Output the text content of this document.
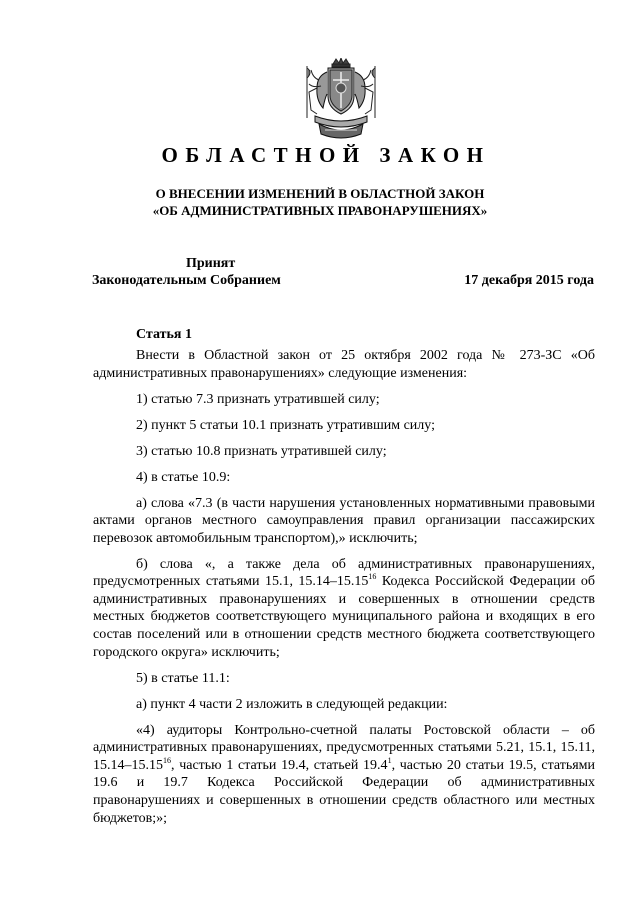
ОБЛАСТНОЙ ЗАКОН
О ВНЕСЕНИИ ИЗМЕНЕНИЙ В ОБЛАСТНОЙ ЗАКОН
«ОБ АДМИНИСТРАТИВНЫХ ПРАВОНАРУШЕНИЯХ»
Принят
Законодательным Собранием	17 декабря 2015 года
Статья 1

Внести в Областной закон от 25 октября 2002 года № 273-ЗС «Об административных правонарушениях» следующие изменения:

1) статью 7.3 признать утратившей силу;

2) пункт 5 статьи 10.1 признать утратившим силу;

3) статью 10.8 признать утратившей силу;

4) в статье 10.9:

а) слова «7.3 (в части нарушения установленных нормативными правовыми актами органов местного самоуправления правил организации пассажирских перевозок автомобильным транспортом),» исключить;

б) слова «, а также дела об административных правонарушениях, предусмотренных статьями 15.1, 15.14–15.15$^{16}$ Кодекса Российской Федерации об административных правонарушениях и совершенных в отношении средств местных бюджетов соответствующего муниципального района и входящих в его состав поселений или в отношении средств местного бюджета соответствующего городского округа» исключить;

5) в статье 11.1:

а) пункт 4 части 2 изложить в следующей редакции:

«4) аудиторы Контрольно-счетной палаты Ростовской области – об административных правонарушениях, предусмотренных статьями 5.21, 15.1, 15.11, 15.14–15.15$^{16}$, частью 1 статьи 19.4, статьей 19.4$^1$, частью 20 статьи 19.5, статьями 19.6 и 19.7 Кодекса Российской Федерации об административных правонарушениях и совершенных в отношении средств областного или местных бюджетов;»;
